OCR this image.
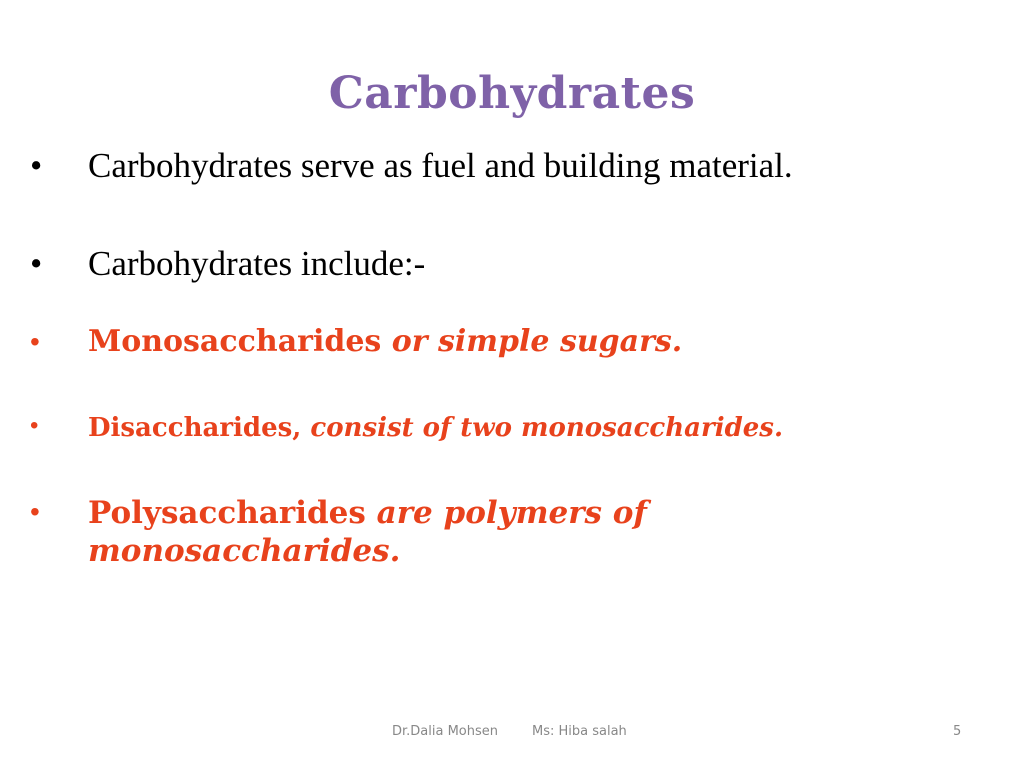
Carbohydrates
• Carbohydrates serve as fuel and building material.
• Carbohydrates include:-
• Monosaccharides or simple sugars.
• Disaccharides, consist of two monosaccharides.
• Polysaccharides are polymers of monosaccharides.
Dr.Dalia Mohsen	Ms: Hiba salah	5
